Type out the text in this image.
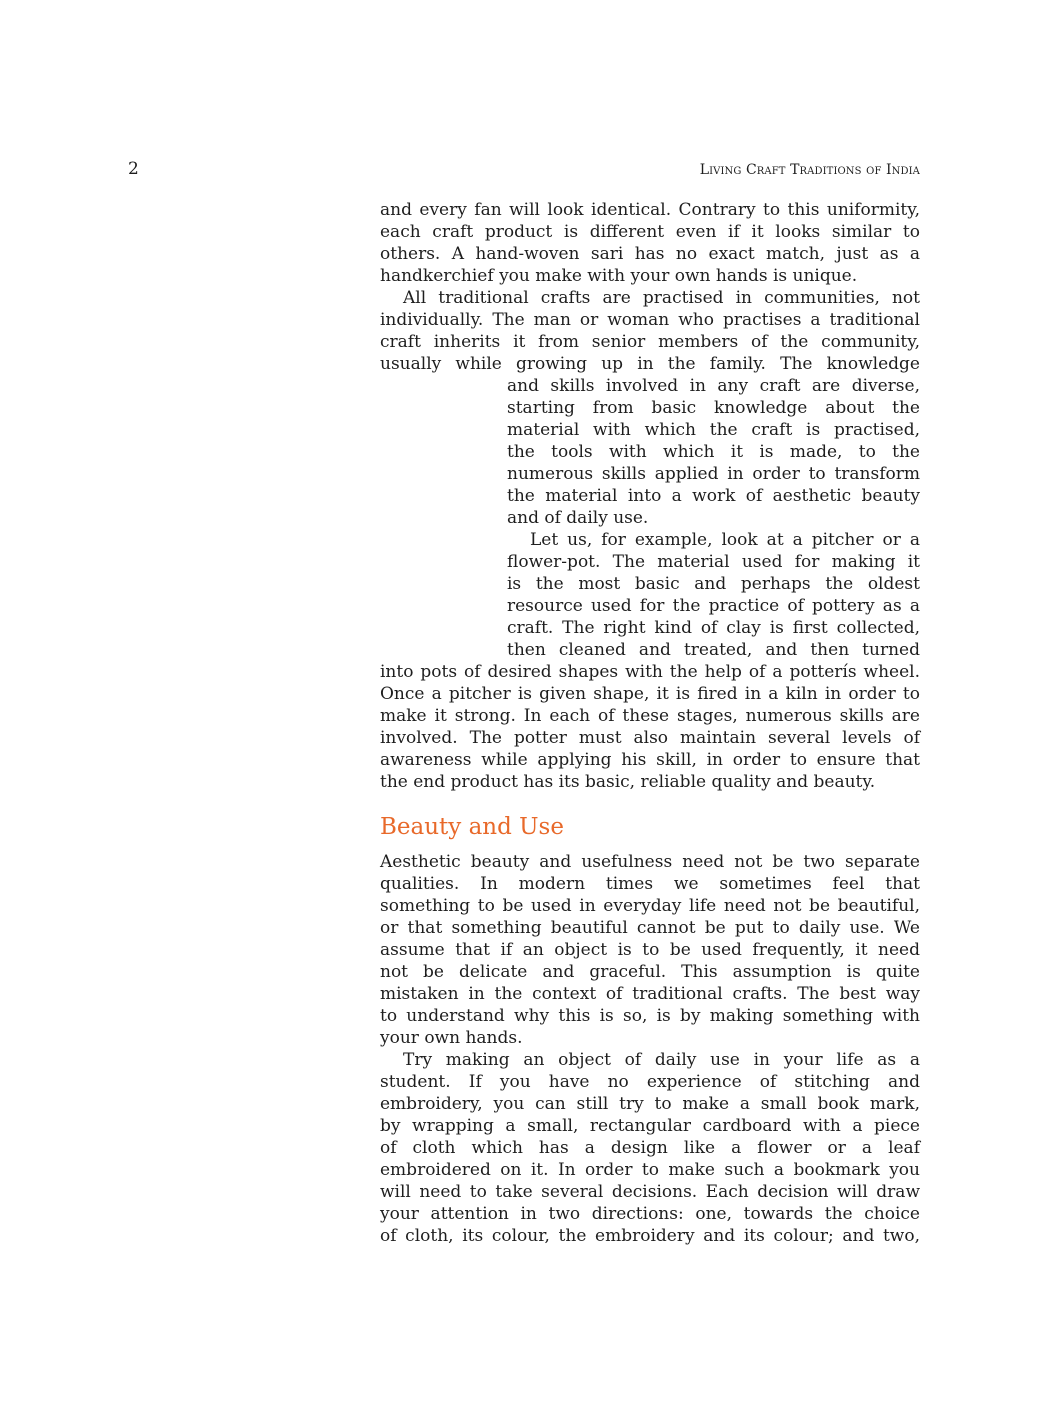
2	Living Craft Traditions of India

and every fan will look identical. Contrary to this uniformity,

each craft product is different even if it looks similar to

others. A hand-woven sari has no exact match, just as a

handkerchief you make with your own hands is unique.

All traditional crafts are practised in communities, not

individually. The man or woman who practises a traditional

craft inherits it from senior members of the community,

usually while growing up in the family. The knowledge

and skills involved in any craft are diverse,

starting from basic knowledge about the

material with which the craft is practised,

the tools with which it is made, to the

numerous skills applied in order to transform

the material into a work of aesthetic beauty

and of daily use.

Let us, for example, look at a pitcher or a

flower-pot. The material used for making it

is the most basic and perhaps the oldest

resource used for the practice of pottery as a

craft. The right kind of clay is first collected,

then cleaned and treated, and then turned

into pots of desired shapes with the help of a potterís wheel.

Once a pitcher is given shape, it is fired in a kiln in order to

make it strong. In each of these stages, numerous skills are

involved. The potter must also maintain several levels of

awareness while applying his skill, in order to ensure that

the end product has its basic, reliable quality and beauty.

Beauty and Use

Aesthetic beauty and usefulness need not be two separate

qualities. In modern times we sometimes feel that

something to be used in everyday life need not be beautiful,

or that something beautiful cannot be put to daily use. We

assume that if an object is to be used frequently, it need

not be delicate and graceful. This assumption is quite

mistaken in the context of traditional crafts. The best way

to understand why this is so, is by making something with

your own hands.

Try making an object of daily use in your life as a

student. If you have no experience of stitching and

embroidery, you can still try to make a small book mark,

by wrapping a small, rectangular cardboard with a piece

of cloth which has a design like a flower or a leaf

embroidered on it. In order to make such a bookmark you

will need to take several decisions. Each decision will draw

your attention in two directions: one, towards the choice

of cloth, its colour, the embroidery and its colour; and two,
